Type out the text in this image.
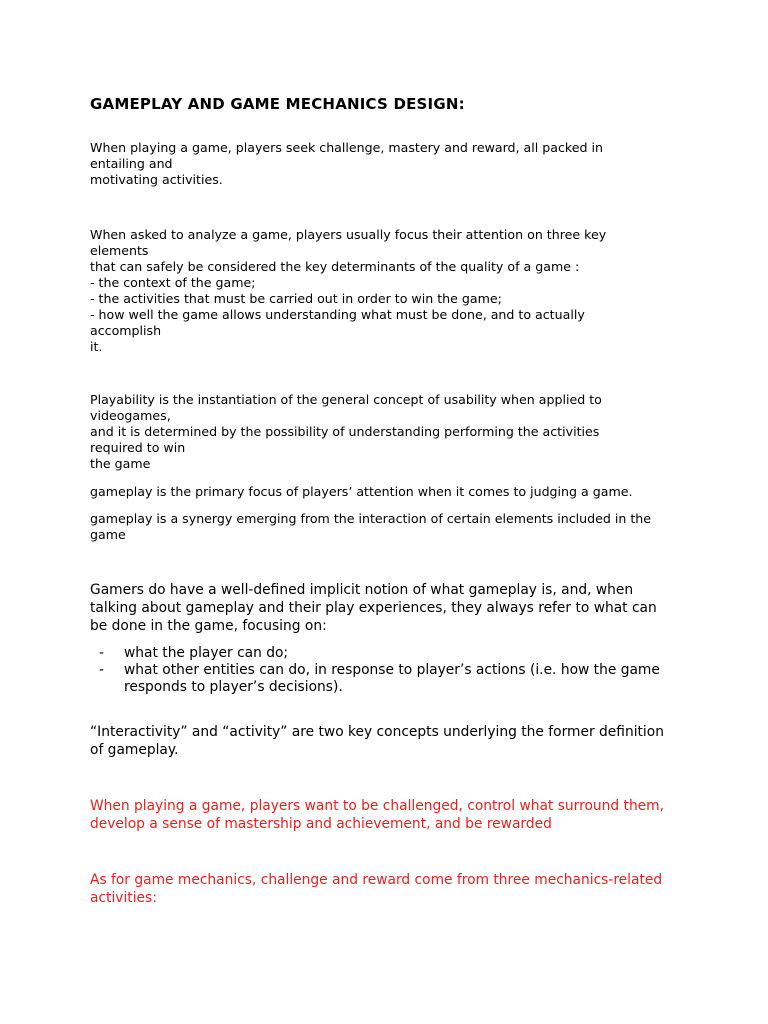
GAMEPLAY AND GAME MECHANICS DESIGN:

When playing a game, players seek challenge, mastery and reward, all packed in
entailing and
motivating activities.

When asked to analyze a game, players usually focus their attention on three key
elements
that can safely be considered the key determinants of the quality of a game :
- the context of the game;
- the activities that must be carried out in order to win the game;
- how well the game allows understanding what must be done, and to actually
accomplish
it.

Playability is the instantiation of the general concept of usability when applied to
videogames,
and it is determined by the possibility of understanding performing the activities
required to win
the game

gameplay is the primary focus of players’ attention when it comes to judging a game.

gameplay is a synergy emerging from the interaction of certain elements included in the
game

Gamers do have a well-defined implicit notion of what gameplay is, and, when
talking about gameplay and their play experiences, they always refer to what can
be done in the game, focusing on:

- what the player can do;
- what other entities can do, in response to player’s actions (i.e. how the game
responds to player’s decisions).

“Interactivity” and “activity” are two key concepts underlying the former definition
of gameplay.

When playing a game, players want to be challenged, control what surround them,
develop a sense of mastership and achievement, and be rewarded

As for game mechanics, challenge and reward come from three mechanics-related
activities:
